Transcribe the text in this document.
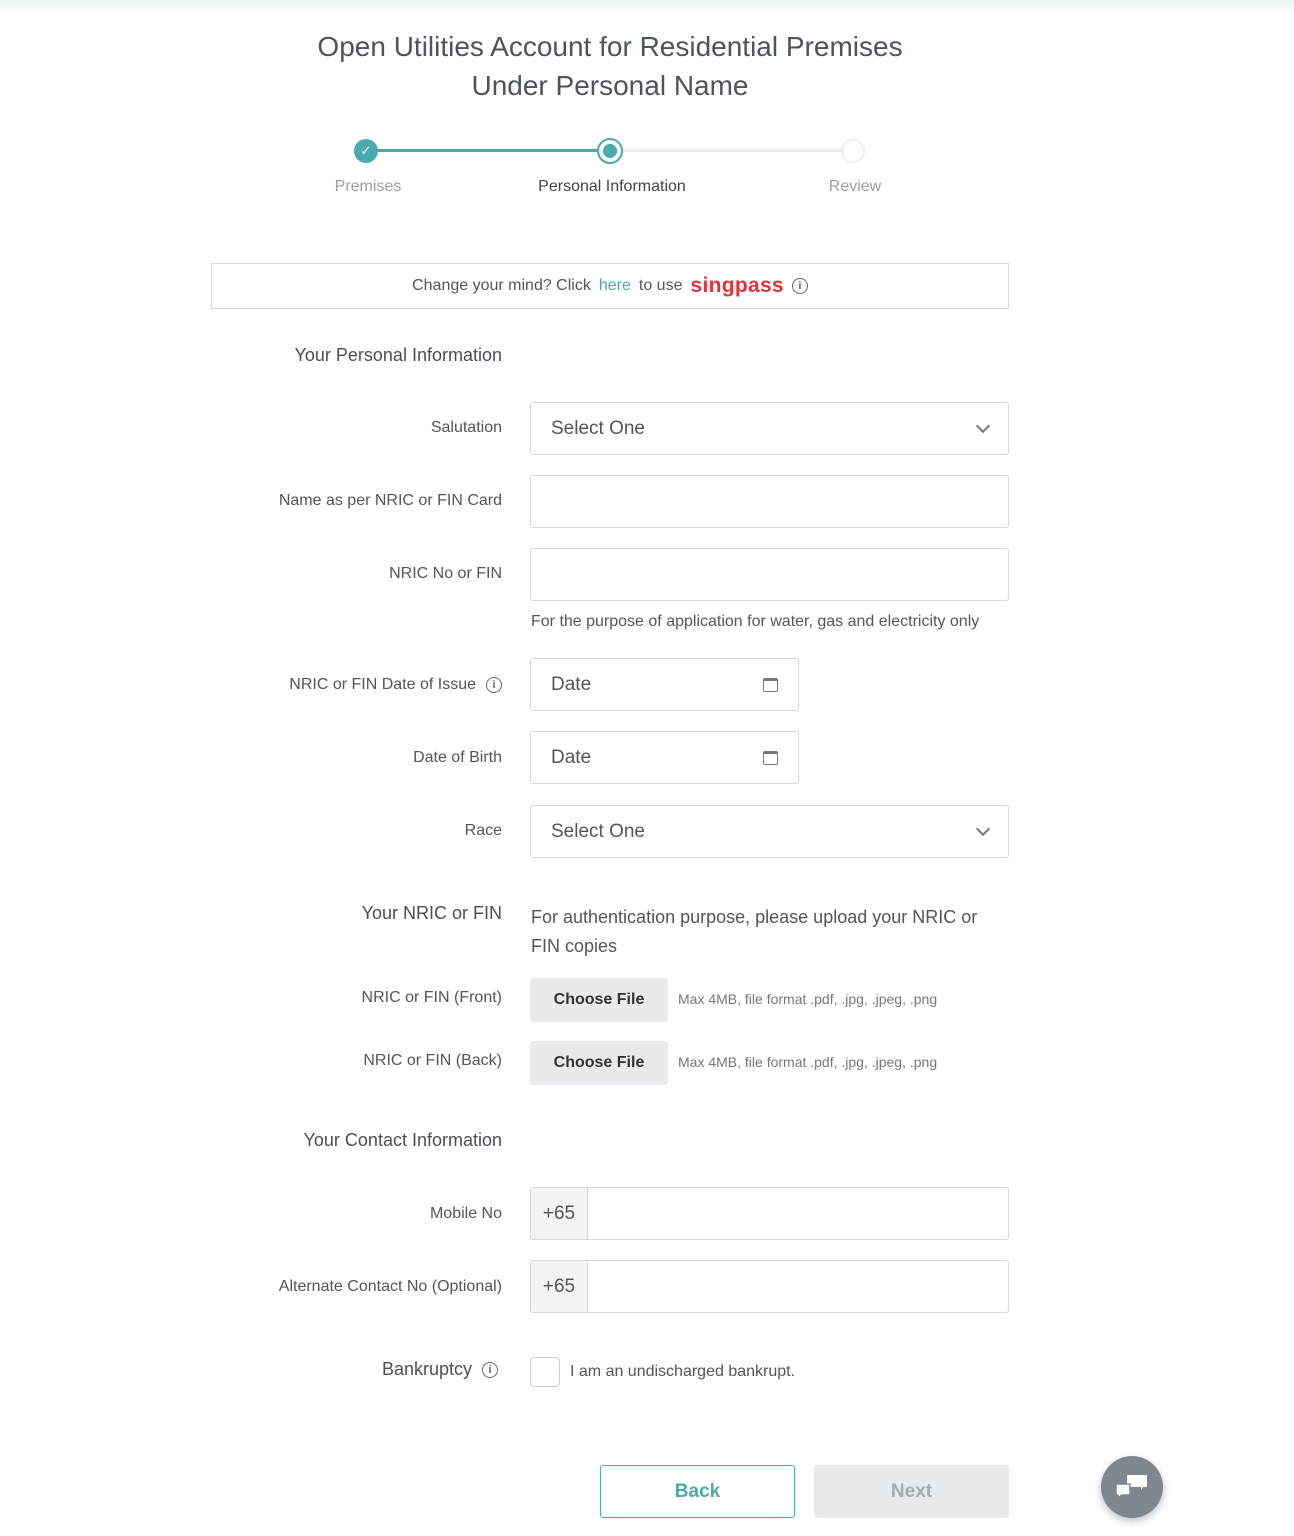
Open Utilities Account for Residential Premises
Under Personal Name
✓
Premises	Personal Information	Review
Change your mind? Click here to use singpass	i
Your Personal Information
Salutation	Select One
Name as per NRIC or FIN Card
NRIC No or FIN
For the purpose of application for water, gas and electricity only
NRIC or FIN Date of Issue	i	Date
Date of Birth	Date
Race	Select One
Your NRIC or FIN For authentication purpose, please upload your NRIC or FIN copies
NRIC or FIN (Front)	Choose File	Max 4MB, file format .pdf, .jpg, .jpeg, .png
NRIC or FIN (Back)	Choose File	Max 4MB, file format .pdf, .jpg, .jpeg, .png
Your Contact Information
Mobile No	+65
Alternate Contact No (Optional)	+65
Bankruptcy	i	I am an undischarged bankrupt.
Back	Next
